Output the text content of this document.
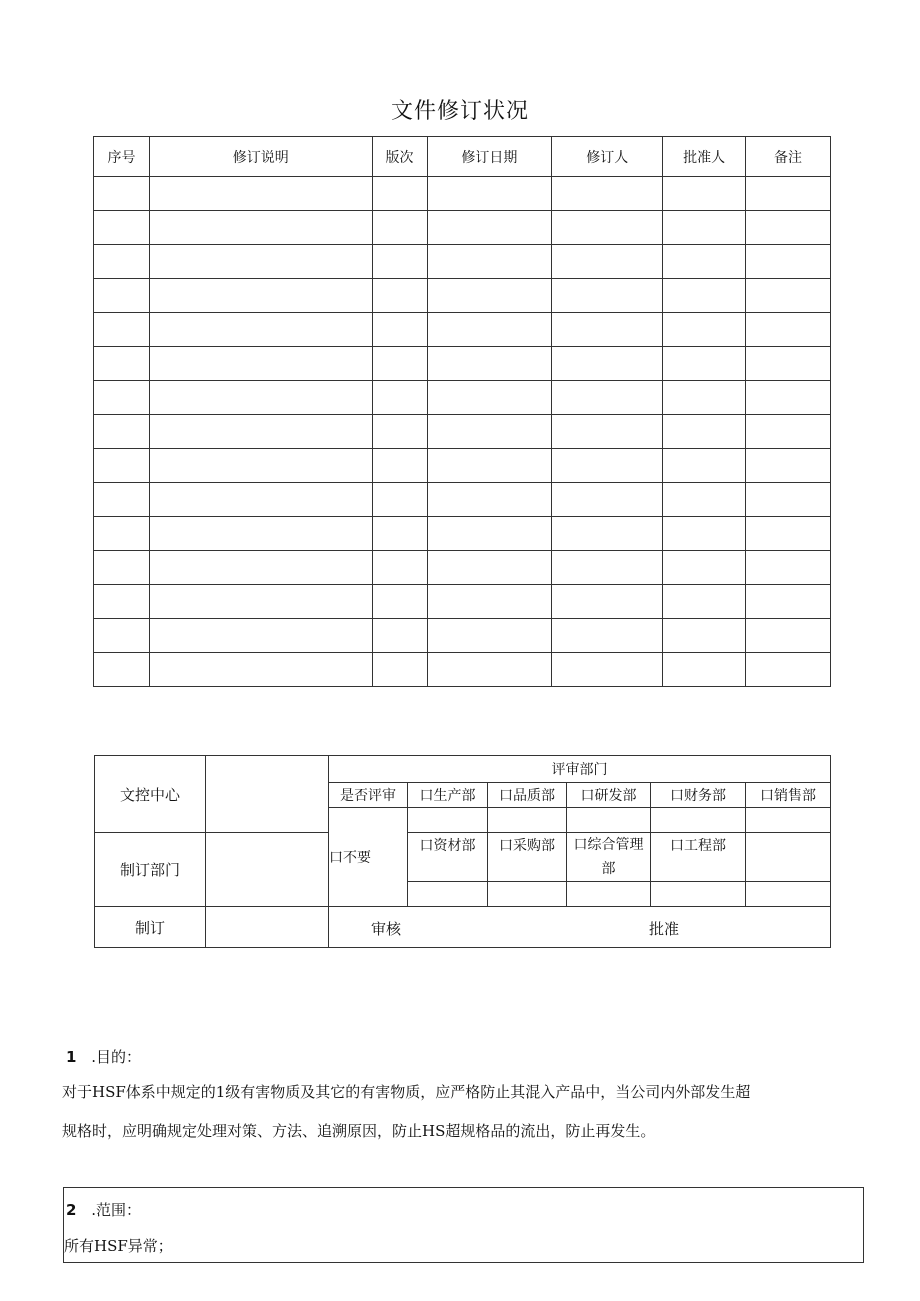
文件修订状况
序号	修订说明	版次	修订日期	修订人	批准人	备注

文控中心		评审部门					
		是否评审	口生产部	口品质部	口研发部	口财务部	口销售部
		口不要					
制订部门			口资材部	口采购部	口综合管理部	口工程部	

制订		审核 批准					
1 .目的：
对于HSF体系中规定的1级有害物质及其它的有害物质，应严格防止其混入产品中，当公司内外部发生超
规格时，应明确规定处理对策、方法、追溯原因，防止HS超规格品的流出，防止再发生。
2 .范围：
所有HSF异常；
